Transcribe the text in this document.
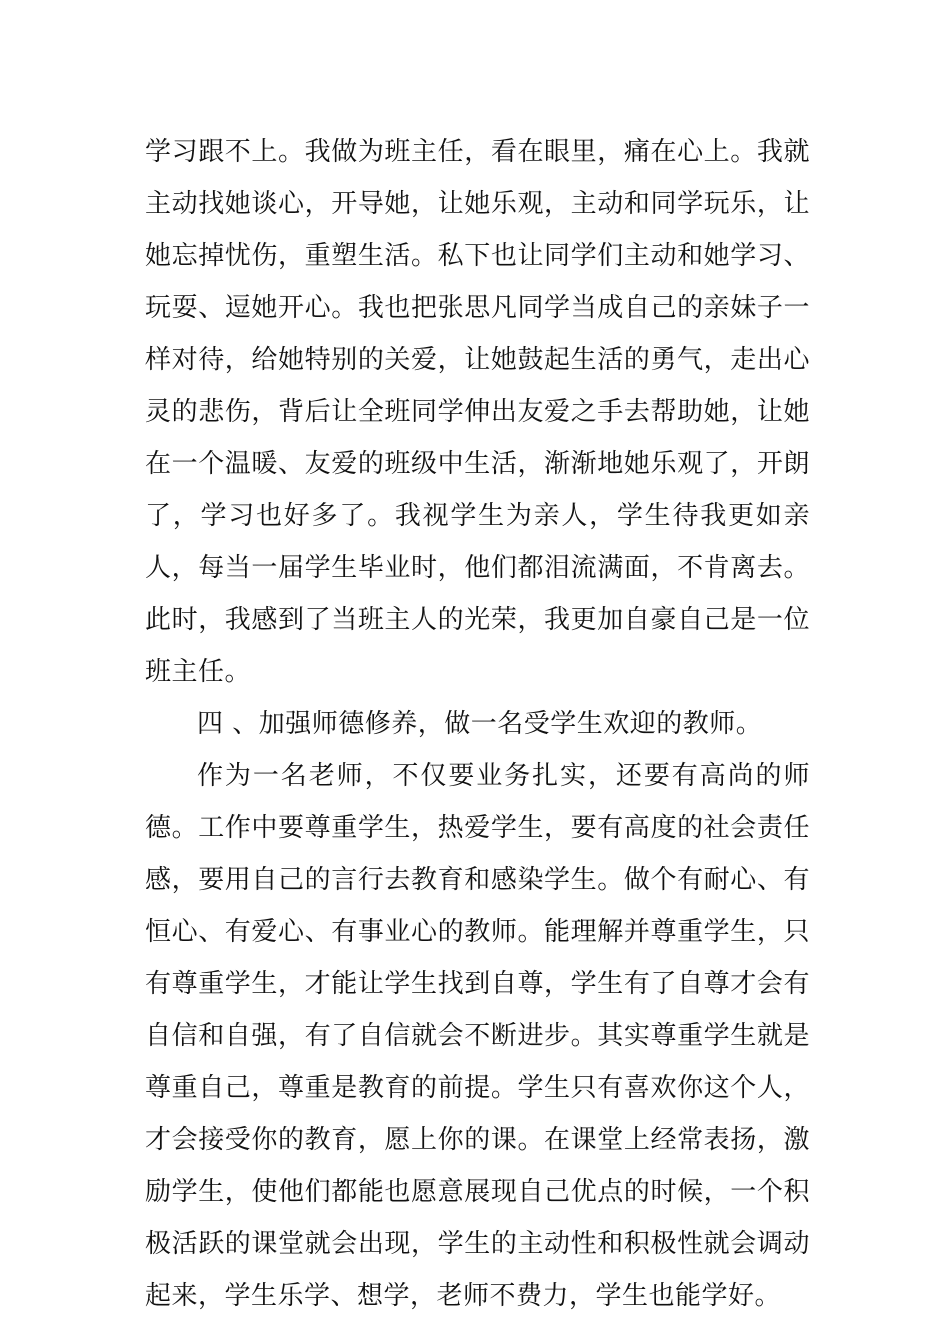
学习跟不上。我做为班主任，看在眼里，痛在心上。我就主动找她谈心，开导她，让她乐观，主动和同学玩乐，让她忘掉忧伤，重塑生活。私下也让同学们主动和她学习、玩耍、逗她开心。我也把张思凡同学当成自己的亲妹子一样对待，给她特别的关爱，让她鼓起生活的勇气，走出心灵的悲伤，背后让全班同学伸出友爱之手去帮助她，让她在一个温暖、友爱的班级中生活，渐渐地她乐观了，开朗了，学习也好多了。我视学生为亲人，学生待我更如亲人，每当一届学生毕业时，他们都泪流满面，不肯离去。此时，我感到了当班主人的光荣，我更加自豪自己是一位班主任。

四 、加强师德修养，做一名受学生欢迎的教师。

作为一名老师，不仅要业务扎实，还要有高尚的师德。工作中要尊重学生，热爱学生，要有高度的社会责任感，要用自己的言行去教育和感染学生。做个有耐心、有恒心、有爱心、有事业心的教师。能理解并尊重学生，只有尊重学生，才能让学生找到自尊，学生有了自尊才会有自信和自强，有了自信就会不断进步。其实尊重学生就是尊重自己，尊重是教育的前提。学生只有喜欢你这个人，才会接受你的教育，愿上你的课。在课堂上经常表扬，激励学生，使他们都能也愿意展现自己优点的时候，一个积极活跃的课堂就会出现，学生的主动性和积极性就会调动起来，学生乐学、想学，老师不费力，学生也能学好。
